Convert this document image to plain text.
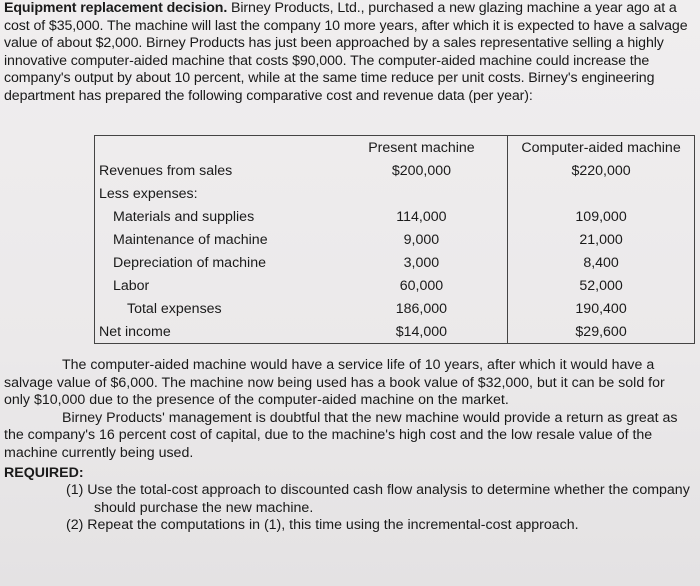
Equipment replacement decision. Birney Products, Ltd., purchased a new glazing machine a year ago at a cost of $35,000. The machine will last the company 10 more years, after which it is expected to have a salvage value of about $2,000. Birney Products has just been approached by a sales representative selling a highly innovative computer-aided machine that costs $90,000. The computer-aided machine could increase the company's output by about 10 percent, while at the same time reduce per unit costs. Birney's engineering department has prepared the following comparative cost and revenue data (per year):
	Present machine	Computer-aided machine
Revenues from sales	$200,000	$220,000
Less expenses:		
Materials and supplies	114,000	109,000
Maintenance of machine	9,000	21,000
Depreciation of machine	3,000	8,400
Labor	60,000	52,000
Total expenses	186,000	190,400
Net income	$14,000	$29,600

The computer-aided machine would have a service life of 10 years, after which it would have a salvage value of $6,000. The machine now being used has a book value of $32,000, but it can be sold for only $10,000 due to the presence of the computer-aided machine on the market.

Birney Products' management is doubtful that the new machine would provide a return as great as the company's 16 percent cost of capital, due to the machine's high cost and the low resale value of the machine currently being used.

REQUIRED:
(1) Use the total-cost approach to discounted cash flow analysis to determine whether the company should purchase the new machine.
(2) Repeat the computations in (1), this time using the incremental-cost approach.
